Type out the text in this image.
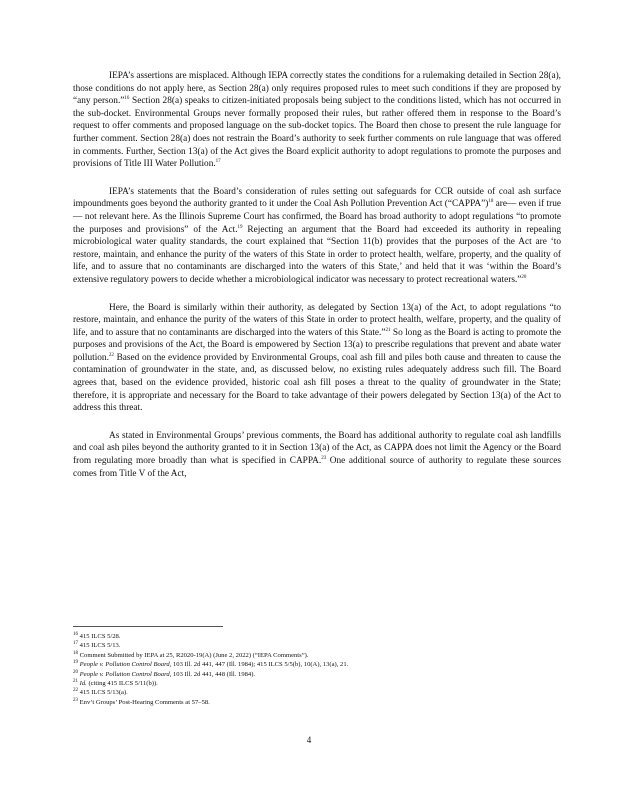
IEPA’s assertions are misplaced. Although IEPA correctly states the conditions for a rulemaking detailed in Section 28(a), those conditions do not apply here, as Section 28(a) only requires proposed rules to meet such conditions if they are proposed by “any person.”$^{16}$ Section 28(a) speaks to citizen-initiated proposals being subject to the conditions listed, which has not occurred in the sub-docket. Environmental Groups never formally proposed their rules, but rather offered them in response to the Board’s request to offer comments and proposed language on the sub-docket topics. The Board then chose to present the rule language for further comment. Section 28(a) does not restrain the Board’s authority to seek further comments on rule language that was offered in comments. Further, Section 13(a) of the Act gives the Board explicit authority to adopt regulations to promote the purposes and provisions of Title III Water Pollution.$^{17}$

IEPA’s statements that the Board’s consideration of rules setting out safeguards for CCR outside of coal ash surface impoundments goes beyond the authority granted to it under the Coal Ash Pollution Prevention Act (“CAPPA”)$^{18}$ are— even if true — not relevant here. As the Illinois Supreme Court has confirmed, the Board has broad authority to adopt regulations “to promote the purposes and provisions” of the Act.$^{19}$ Rejecting an argument that the Board had exceeded its authority in repealing microbiological water quality standards, the court explained that “Section 11(b) provides that the purposes of the Act are ‘to restore, maintain, and enhance the purity of the waters of this State in order to protect health, welfare, property, and the quality of life, and to assure that no contaminants are discharged into the waters of this State,’ and held that it was ‘within the Board’s extensive regulatory powers to decide whether a microbiological indicator was necessary to protect recreational waters.”$^{20}$

Here, the Board is similarly within their authority, as delegated by Section 13(a) of the Act, to adopt regulations “to restore, maintain, and enhance the purity of the waters of this State in order to protect health, welfare, property, and the quality of life, and to assure that no contaminants are discharged into the waters of this State.”$^{21}$ So long as the Board is acting to promote the purposes and provisions of the Act, the Board is empowered by Section 13(a) to prescribe regulations that prevent and abate water pollution.$^{22}$ Based on the evidence provided by Environmental Groups, coal ash fill and piles both cause and threaten to cause the contamination of groundwater in the state, and, as discussed below, no existing rules adequately address such fill. The Board agrees that, based on the evidence provided, historic coal ash fill poses a threat to the quality of groundwater in the State; therefore, it is appropriate and necessary for the Board to take advantage of their powers delegated by Section 13(a) of the Act to address this threat.

As stated in Environmental Groups’ previous comments, the Board has additional authority to regulate coal ash landfills and coal ash piles beyond the authority granted to it in Section 13(a) of the Act, as CAPPA does not limit the Agency or the Board from regulating more broadly than what is specified in CAPPA.$^{23}$ One additional source of authority to regulate these sources comes from Title V of the Act,

$^{16}$ 415 ILCS 5/28.

$^{17}$ 415 ILCS 5/13.

$^{18}$ Comment Submitted by IEPA at 25, R2020-19(A) (June 2, 2022) (“IEPA Comments”).

$^{19}$ People v. Pollution Control Board, 103 Ill. 2d 441, 447 (Ill. 1984); 415 ILCS 5/5(b), 10(A), 13(a), 21.

$^{20}$ People v. Pollution Control Board, 103 Ill. 2d 441, 448 (Ill. 1984).

$^{21}$ Id. (citing 415 ILCS 5/11(b)).

$^{22}$ 415 ILCS 5/13(a).

$^{23}$ Env’t Groups’ Post-Hearing Comments at 57–58.

4
